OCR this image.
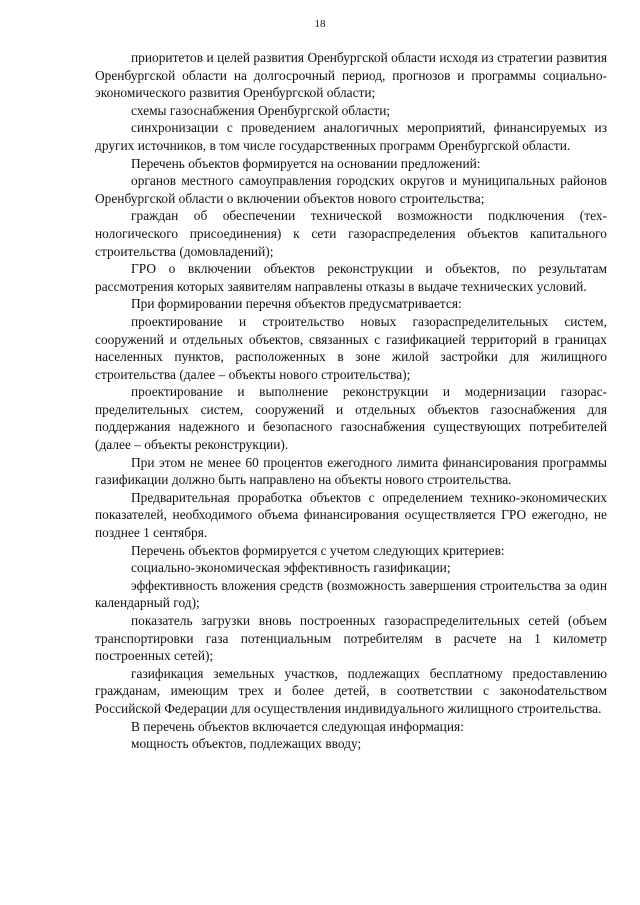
18

приоритетов и целей развития Оренбургской области исходя из стратегии развития Оренбургской области на долгосрочный период, прогнозов и программы социально-экономического развития Оренбургской области;

схемы газоснабжения Оренбургской области;

синхронизации с проведением аналогичных мероприятий, финансируемых из других источников, в том числе государственных программ Оренбургской области.

Перечень объектов формируется на основании предложений:

органов местного самоуправления городских округов и муниципальных районов Оренбургской области о включении объектов нового строительства;

граждан об обеспечении технической возможности подключения (технологического присоединения) к сети газораспределения объектов капитального строительства (домовладений);

ГРО о включении объектов реконструкции и объектов, по результатам рассмотрения которых заявителям направлены отказы в выдаче технических условий.

При формировании перечня объектов предусматривается:

проектирование и строительство новых газораспределительных систем, сооружений и отдельных объектов, связанных с газификацией территорий в границах населенных пунктов, расположенных в зоне жилой застройки для жилищного строительства (далее – объекты нового строительства);

проектирование и выполнение реконструкции и модернизации газораспределительных систем, сооружений и отдельных объектов газоснабжения для поддержания надежного и безопасного газоснабжения существующих потребителей (далее – объекты реконструкции).

При этом не менее 60 процентов ежегодного лимита финансирования программы газификации должно быть направлено на объекты нового строительства.

Предварительная проработка объектов с определением технико-экономических показателей, необходимого объема финансирования осуществляется ГРО ежегодно, не позднее 1 сентября.

Перечень объектов формируется с учетом следующих критериев:

социально-экономическая эффективность газификации;

эффективность вложения средств (возможность завершения строительства за один календарный год);

показатель загрузки вновь построенных газораспределительных сетей (объем транспортировки газа потенциальным потребителям в расчете на 1 километр построенных сетей);

газификация земельных участков, подлежащих бесплатному предоставлению гражданам, имеющим трех и более детей, в соответствии с законоdательством Российской Федерации для осуществления индивидуального жилищного строительства.

В перечень объектов включается следующая информация:

мощность объектов, подлежащих вводу;
